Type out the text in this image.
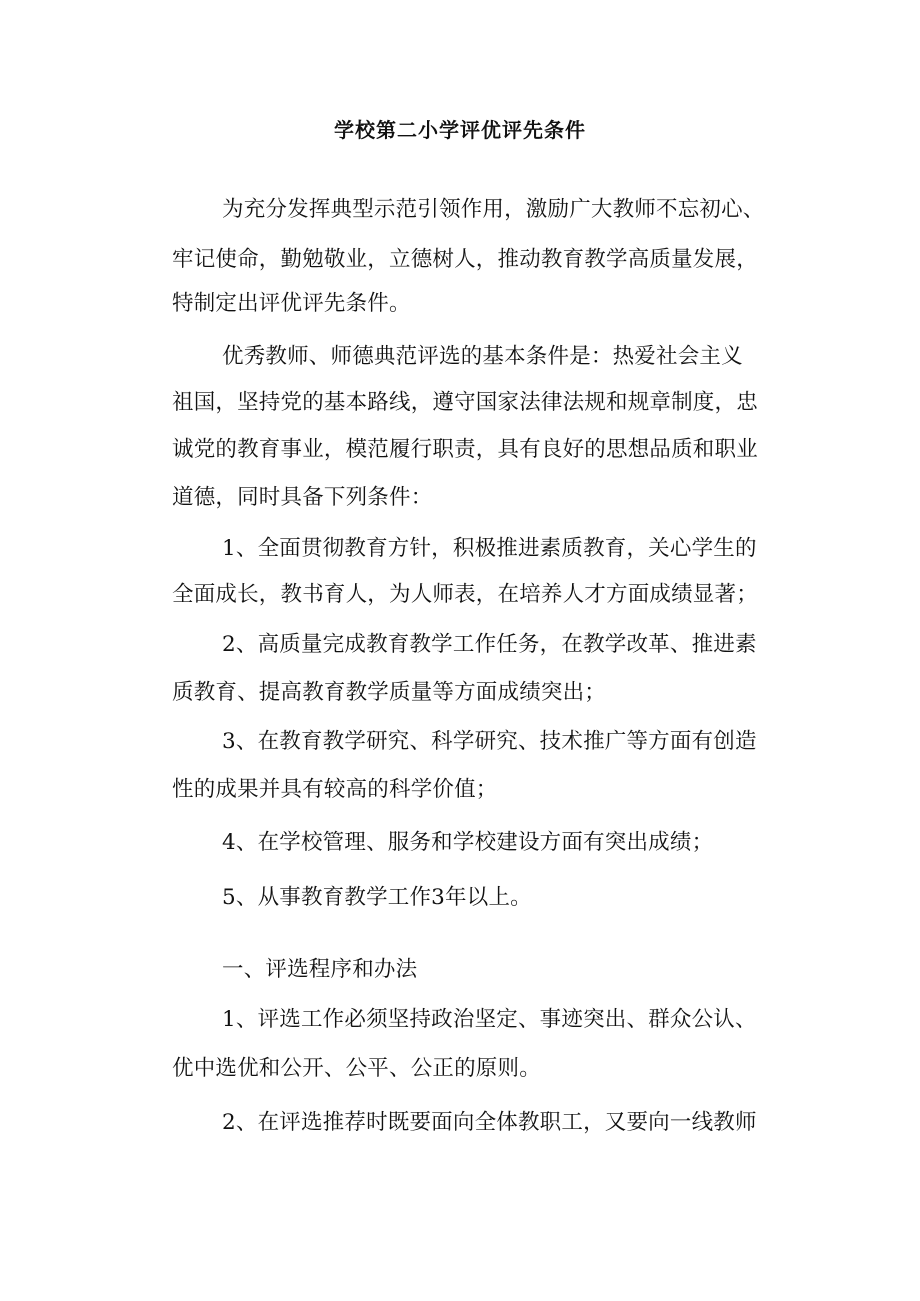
学校第二小学评优评先条件
为充分发挥典型示范引领作用，激励广大教师不忘初心、
牢记使命，勤勉敬业，立德树人，推动教育教学高质量发展，
特制定出评优评先条件。
优秀教师、师德典范评选的基本条件是：热爱社会主义
祖国，坚持党的基本路线，遵守国家法律法规和规章制度，忠
诚党的教育事业，模范履行职责，具有良好的思想品质和职业
道德，同时具备下列条件：
1、全面贯彻教育方针，积极推进素质教育，关心学生的
全面成长，教书育人，为人师表，在培养人才方面成绩显著；
2、高质量完成教育教学工作任务，在教学改革、推进素
质教育、提高教育教学质量等方面成绩突出；
3、在教育教学研究、科学研究、技术推广等方面有创造
性的成果并具有较高的科学价值；
4、在学校管理、服务和学校建设方面有突出成绩；
5、从事教育教学工作3年以上。
一、评选程序和办法
1、评选工作必须坚持政治坚定、事迹突出、群众公认、
优中选优和公开、公平、公正的原则。
2、在评选推荐时既要面向全体教职工，又要向一线教师
